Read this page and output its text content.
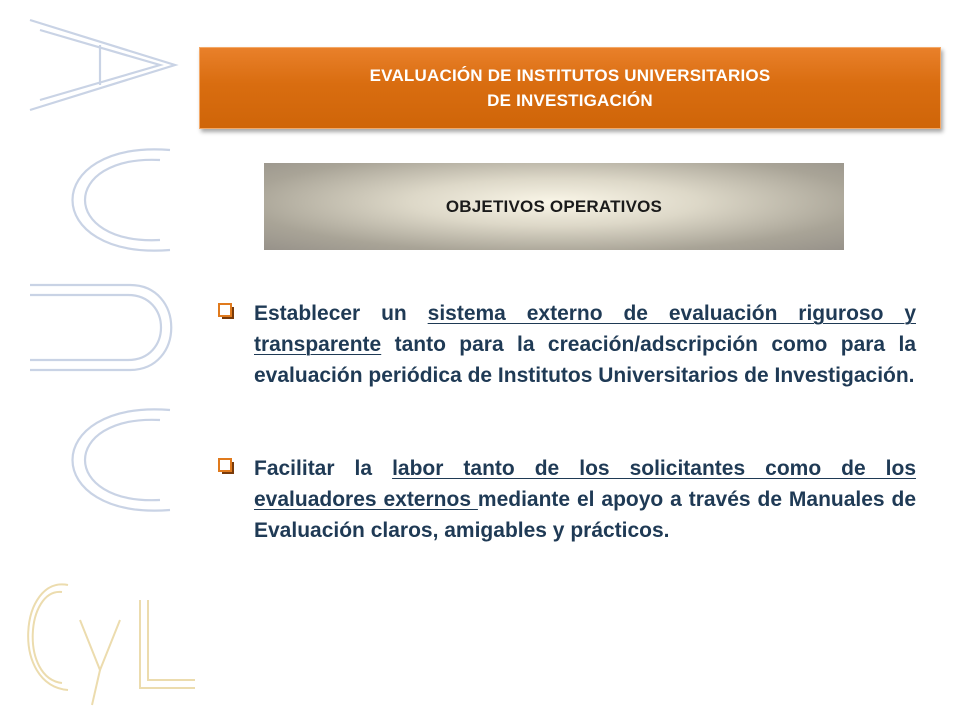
EVALUACIÓN DE INSTITUTOS UNIVERSITARIOS
DE INVESTIGACIÓN
OBJETIVOS OPERATIVOS

Establecer un sistema externo de evaluación riguroso y transparente tanto para la creación/adscripción como para la evaluación periódica de Institutos Universitarios de Investigación.

Facilitar la labor tanto de los solicitantes como de los evaluadores externos mediante el apoyo a través de Manuales de Evaluación claros, amigables y prácticos.
